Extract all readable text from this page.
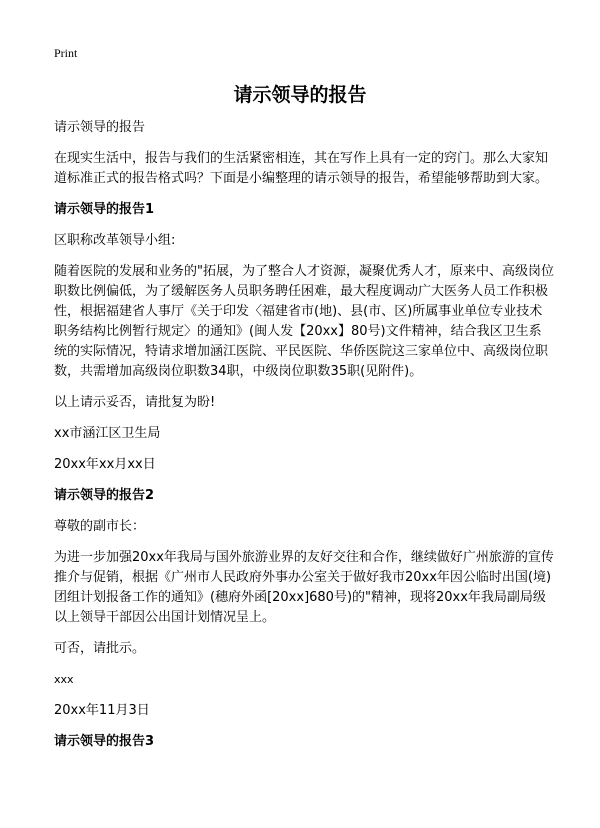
Print
请示领导的报告

请示领导的报告

在现实生活中，报告与我们的生活紧密相连，其在写作上具有一定的窍门。那么大家知道标准正式的报告格式吗？下面是小编整理的请示领导的报告，希望能够帮助到大家。

请示领导的报告1

区职称改革领导小组:

随着医院的发展和业务的"拓展，为了整合人才资源，凝聚优秀人才，原来中、高级岗位职数比例偏低，为了缓解医务人员职务聘任困难，最大程度调动广大医务人员工作积极性，根据福建省人事厅《关于印发〈福建省市(地)、县(市、区)所属事业单位专业技术职务结构比例暂行规定〉的通知》(闽人发【20xx】80号)文件精神，结合我区卫生系统的实际情况，特请求增加涵江医院、平民医院、华侨医院这三家单位中、高级岗位职数，共需增加高级岗位职数34职，中级岗位职数35职(见附件)。

以上请示妥否，请批复为盼!

xx市涵江区卫生局

20xx年xx月xx日

请示领导的报告2

尊敬的副市长：

为进一步加强20xx年我局与国外旅游业界的友好交往和合作，继续做好广州旅游的宣传推介与促销，根据《广州市人民政府外事办公室关于做好我市20xx年因公临时出国(境)团组计划报备工作的通知》(穗府外函[20xx]680号)的"精神，现将20xx年我局副局级以上领导干部因公出国计划情况呈上。

可否，请批示。

xxx

20xx年11月3日

请示领导的报告3
